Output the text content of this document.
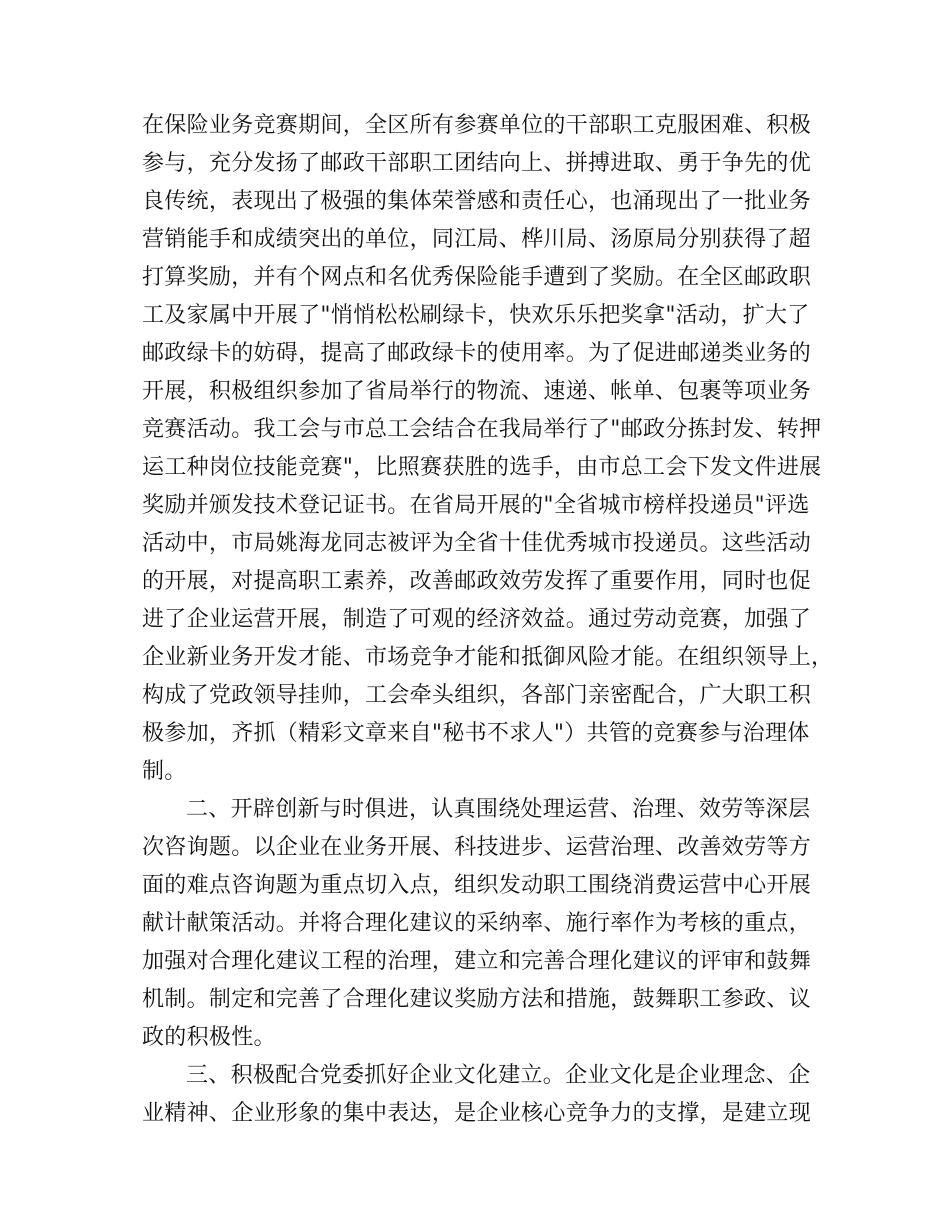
在保险业务竞赛期间，全区所有参赛单位的干部职工克服困难、积极
参与，充分发扬了邮政干部职工团结向上、拼搏进取、勇于争先的优
良传统，表现出了极强的集体荣誉感和责任心，也涌现出了一批业务
营销能手和成绩突出的单位，同江局、桦川局、汤原局分别获得了超
打算奖励，并有个网点和名优秀保险能手遭到了奖励。在全区邮政职
工及家属中开展了"悄悄松松刷绿卡，快欢乐乐把奖拿"活动，扩大了
邮政绿卡的妨碍，提高了邮政绿卡的使用率。为了促进邮递类业务的
开展，积极组织参加了省局举行的物流、速递、帐单、包裹等项业务
竞赛活动。我工会与市总工会结合在我局举行了"邮政分拣封发、转押
运工种岗位技能竞赛"，比照赛获胜的选手，由市总工会下发文件进展
奖励并颁发技术登记证书。在省局开展的"全省城市榜样投递员"评选
活动中，市局姚海龙同志被评为全省十佳优秀城市投递员。这些活动
的开展，对提高职工素养，改善邮政效劳发挥了重要作用，同时也促
进了企业运营开展，制造了可观的经济效益。通过劳动竞赛，加强了
企业新业务开发才能、市场竞争才能和抵御风险才能。在组织领导上，
构成了党政领导挂帅，工会牵头组织，各部门亲密配合，广大职工积
极参加，齐抓（精彩文章来自"秘书不求人"）共管的竞赛参与治理体
制。
二、开辟创新与时俱进，认真围绕处理运营、治理、效劳等深层
次咨询题。以企业在业务开展、科技进步、运营治理、改善效劳等方
面的难点咨询题为重点切入点，组织发动职工围绕消费运营中心开展
献计献策活动。并将合理化建议的采纳率、施行率作为考核的重点，
加强对合理化建议工程的治理，建立和完善合理化建议的评审和鼓舞
机制。制定和完善了合理化建议奖励方法和措施，鼓舞职工参政、议
政的积极性。
三、积极配合党委抓好企业文化建立。企业文化是企业理念、企
业精神、企业形象的集中表达，是企业核心竞争力的支撑，是建立现
